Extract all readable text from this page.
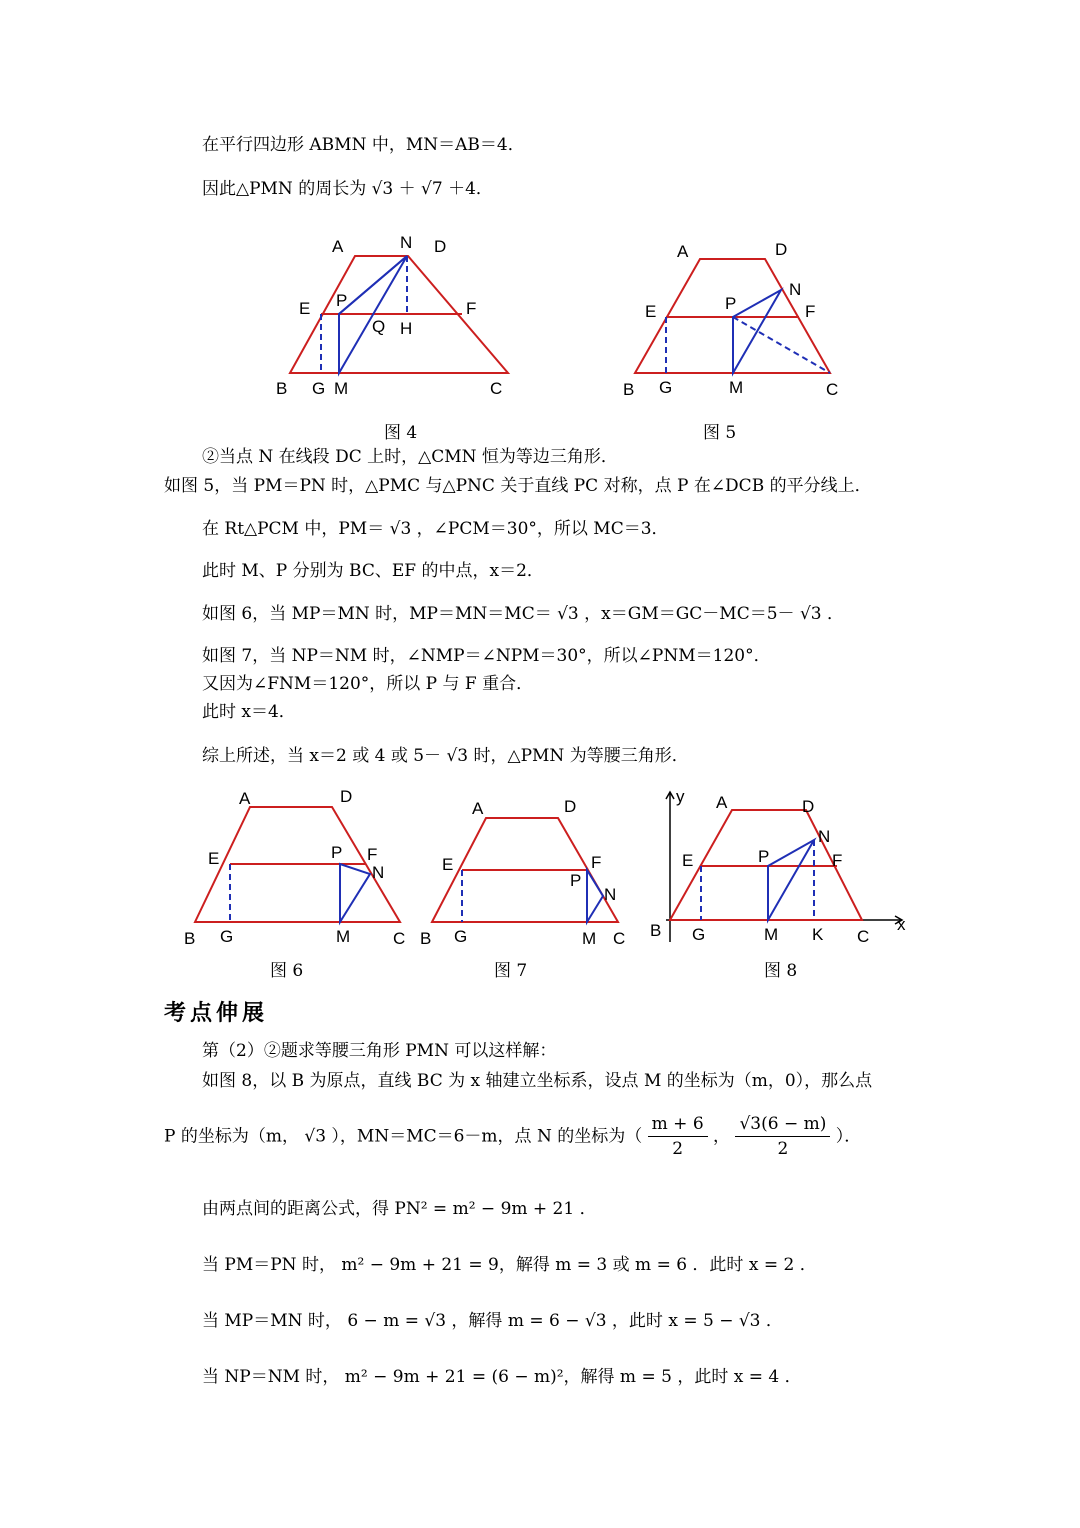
在平行四边形 ABMN 中，MN＝AB＝4．
因此△PMN 的周长为 √3 ＋ √7 ＋4．
A	N D
E P	F
Q H
B G M	C
A	D
N
E	P	F
B G	M	C
图 4	图 5
②当点 N 在线段 DC 上时，△CMN 恒为等边三角形．
如图 5，当 PM＝PN 时，△PMC 与△PNC 关于直线 PC 对称，点 P 在∠DCB 的平分线上．
在 Rt△PCM 中，PM＝ √3 ，∠PCM＝30°，所以 MC＝3．
此时 M、P 分别为 BC、EF 的中点，x＝2．
如图 6，当 MP＝MN 时，MP＝MN＝MC＝ √3 ，x＝GM＝GC－MC＝5－ √3 ．
如图 7，当 NP＝NM 时，∠NMP＝∠NPM＝30°，所以∠PNM＝120°．
又因为∠FNM＝120°，所以 P 与 F 重合．
此时 x＝4．
综上所述，当 x＝2 或 4 或 5－ √3 时，△PMN 为等腰三角形．
A	D
E	P F
N
B G	M	C
A	D
E	F
P
N
B G	M C
y A	D
N
E	P	F
B G	M K C
x
图 6	图 7	图 8
考点伸展
第（2）②题求等腰三角形 PMN 可以这样解：
如图 8，以 B 为原点，直线 BC 为 x 轴建立坐标系，设点 M 的坐标为（m，0），那么点
P 的坐标为（m， √3 ），MN＝MC＝6－m，点 N 的坐标为（ $\frac{m + 6}{2}$ ， $\frac{√3(6 - m)}{2}$ ）．
由两点间的距离公式，得 PN² = m² − 9m + 21 ．
当 PM＝PN 时， m² − 9m + 21 = 9，解得 m = 3 或 m = 6 ．此时 x = 2 ．
当 MP＝MN 时， 6 − m = √3 ，解得 m = 6 − √3 ，此时 x = 5 − √3 ．
当 NP＝NM 时， m² − 9m + 21 = (6 − m)²，解得 m = 5 ，此时 x = 4 ．
